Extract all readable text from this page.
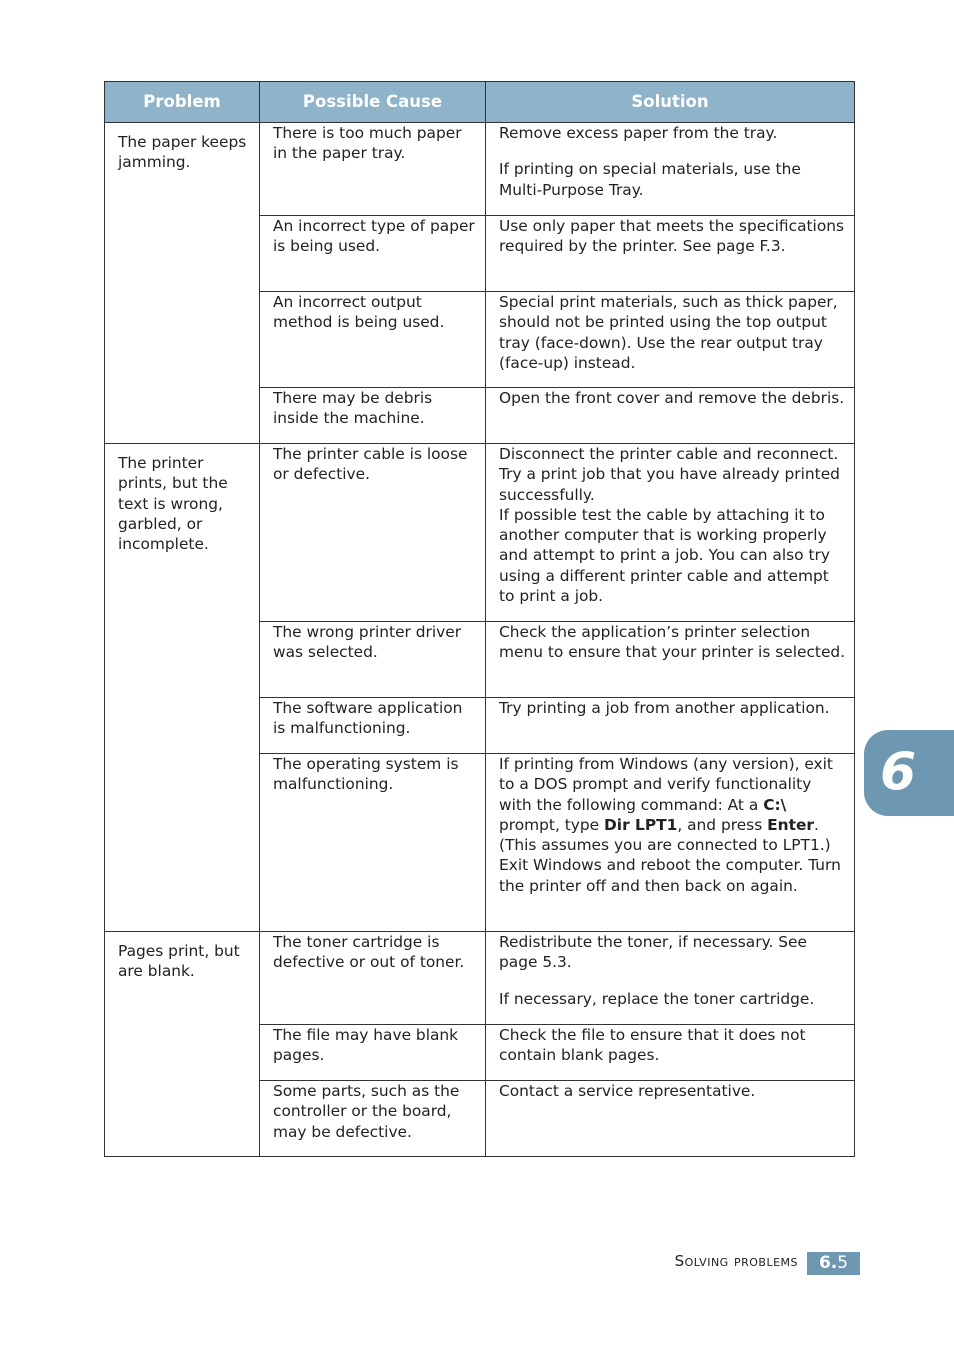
Problem	Possible Cause	Solution
The paper keeps jamming.	There is too much paper in the paper tray.	Remove excess paper from the tray.

If printing on special materials, use the Multi-Purpose Tray.

	An incorrect type of paper is being used.	Use only paper that meets the specifications required by the printer. See page F.3.

	An incorrect output method is being used.	Special print materials, such as thick paper, should not be printed using the top output tray (face-down). Use the rear output tray (face-up) instead.

	There may be debris inside the machine.	Open the front cover and remove the debris.

The printer prints, but the text is wrong, garbled, or incomplete.	The printer cable is loose or defective.	Disconnect the printer cable and reconnect. Try a print job that you have already printed successfully.

If possible test the cable by attaching it to another computer that is working properly and attempt to print a job. You can also try using a different printer cable and attempt to print a job.

	The wrong printer driver was selected.	Check the application’s printer selection menu to ensure that your printer is selected.

	The software application is malfunctioning.	Try printing a job from another application.

	The operating system is malfunctioning.	If printing from Windows (any version), exit to a DOS prompt and verify functionality with the following command: At a C:\ prompt, type Dir LPT1, and press Enter. (This assumes you are connected to LPT1.) Exit Windows and reboot the computer. Turn the printer off and then back on again.

Pages print, but are blank.	The toner cartridge is defective or out of toner.	Redistribute the toner, if necessary. See page 5.3.

If necessary, replace the toner cartridge.

	The file may have blank pages.	Check the file to ensure that it does not contain blank pages.

	Some parts, such as the controller or the board, may be defective.	Contact a service representative.

6
Solving problems	6.5
